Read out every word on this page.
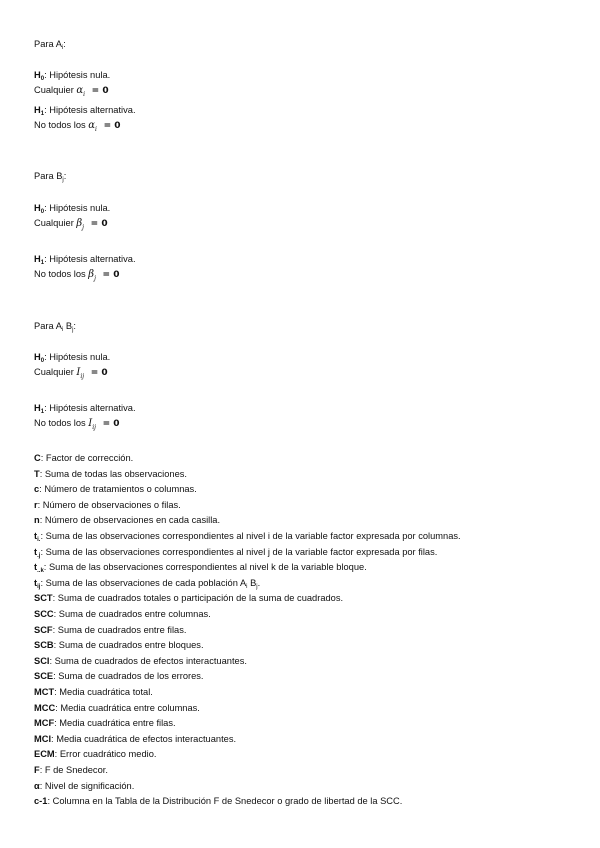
Para $A_i$:
$H_0$: Hipótesis nula.
Cualquier $\alpha_i = 0$
$H_1$: Hipótesis alternativa.
No todos los $\alpha_i = 0$
Para $B_j$:
$H_0$: Hipótesis nula.
Cualquier $\beta_j = 0$
$H_1$: Hipótesis alternativa.
No todos los $\beta_j = 0$
Para $A_i$ $B_j$:
$H_0$: Hipótesis nula.
Cualquier $I_{ij} = 0$
$H_1$: Hipótesis alternativa.
No todos los $I_{ij} = 0$
C: Factor de corrección.
T: Suma de todas las observaciones.
c: Número de tratamientos o columnas.
r: Número de observaciones o filas.
n: Número de observaciones en cada casilla.
$t_{i.}$: Suma de las observaciones correspondientes al nivel i de la variable factor expresada por columnas.
$t_{.j}$: Suma de las observaciones correspondientes al nivel j de la variable factor expresada por filas.
$t_{..k}$: Suma de las observaciones correspondientes al nivel k de la variable bloque.
$t_{ij}$: Suma de las observaciones de cada población $A_i$ $B_j$.
SCT: Suma de cuadrados totales o participación de la suma de cuadrados.
SCC: Suma de cuadrados entre columnas.
SCF: Suma de cuadrados entre filas.
SCB: Suma de cuadrados entre bloques.
SCI: Suma de cuadrados de efectos interactuantes.
SCE: Suma de cuadrados de los errores.
MCT: Media cuadrática total.
MCC: Media cuadrática entre columnas.
MCF: Media cuadrática entre filas.
MCI: Media cuadrática de efectos interactuantes.
ECM: Error cuadrático medio.
F: F de Snedecor.
α: Nivel de significación.
c-1: Columna en la Tabla de la Distribución F de Snedecor o grado de libertad de la SCC.
